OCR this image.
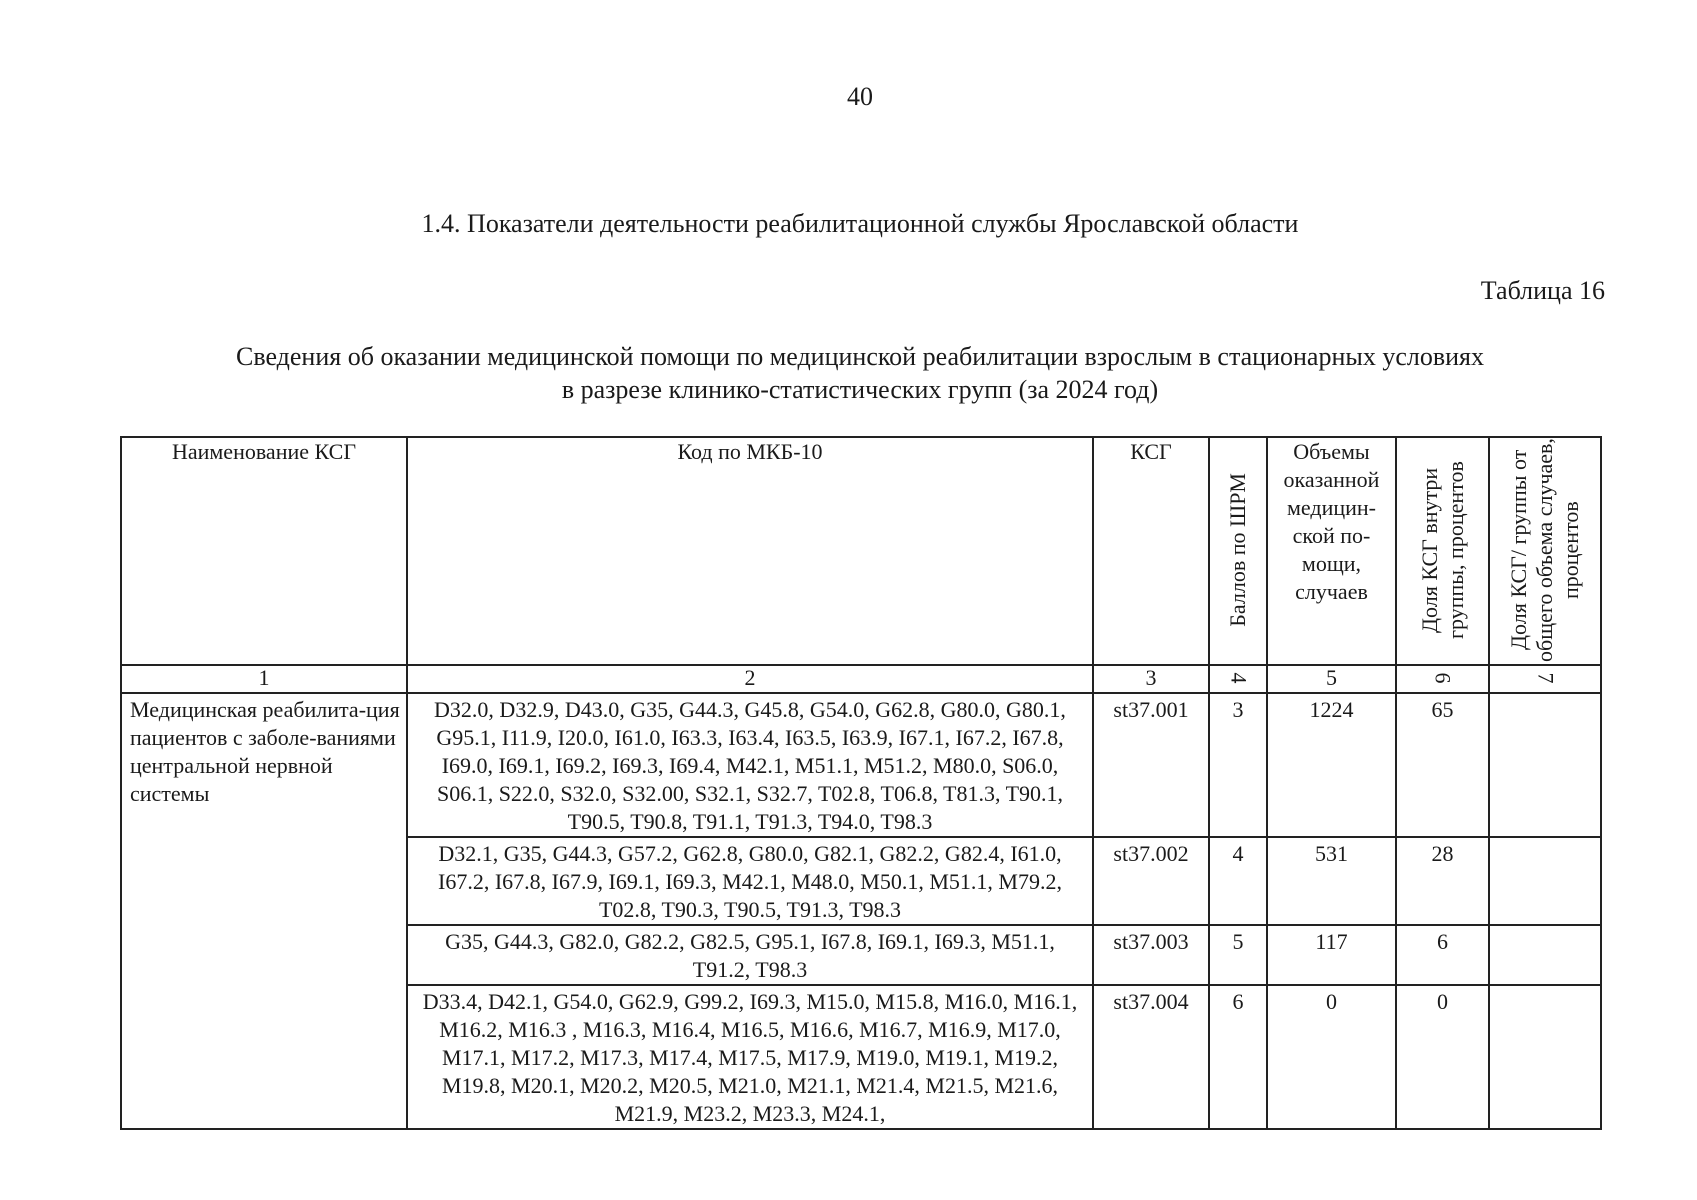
40
1.4. Показатели деятельности реабилитационной службы Ярославской области
Таблица 16
Сведения об оказании медицинской помощи по медицинской реабилитации взрослым в стационарных условиях
в разрезе клинико-статистических групп (за 2024 год)
Наименование КСГ	Код по МКБ-10	КСГ	Баллов по ШРМ	Объемы оказанной медицин-ской по-мощи, случаев	Доля КСГ внутри группы, процентов	Доля КСГ/ группы от общего объема случаев, процентов

1	2	3	4	5	6	7
Медицинская реабилита-ция пациентов с заболе-ваниями центральной нервной системы	D32.0, D32.9, D43.0, G35, G44.3, G45.8, G54.0, G62.8, G80.0, G80.1, G95.1, I11.9, I20.0, I61.0, I63.3, I63.4, I63.5, I63.9, I67.1, I67.2, I67.8, I69.0, I69.1, I69.2, I69.3, I69.4, M42.1, M51.1, M51.2, M80.0, S06.0, S06.1, S22.0, S32.0, S32.00, S32.1, S32.7, T02.8, T06.8, T81.3, T90.1, T90.5, T90.8, T91.1, T91.3, T94.0, T98.3	st37.001	3	1224	65	
	D32.1, G35, G44.3, G57.2, G62.8, G80.0, G82.1, G82.2, G82.4, I61.0, I67.2, I67.8, I67.9, I69.1, I69.3, M42.1, M48.0, M50.1, M51.1, M79.2, T02.8, T90.3, T90.5, T91.3, T98.3	st37.002	4	531	28	
	G35, G44.3, G82.0, G82.2, G82.5, G95.1, I67.8, I69.1, I69.3, M51.1, T91.2, T98.3	st37.003	5	117	6	
	D33.4, D42.1, G54.0, G62.9, G99.2, I69.3, M15.0, M15.8, M16.0, M16.1, M16.2, M16.3 , M16.3, M16.4, M16.5, M16.6, M16.7, M16.9, M17.0, M17.1, M17.2, M17.3, M17.4, M17.5, M17.9, M19.0, M19.1, M19.2, M19.8, M20.1, M20.2, M20.5, M21.0, M21.1, M21.4, M21.5, M21.6, M21.9, M23.2, M23.3, M24.1,	st37.004	6	0	0	
